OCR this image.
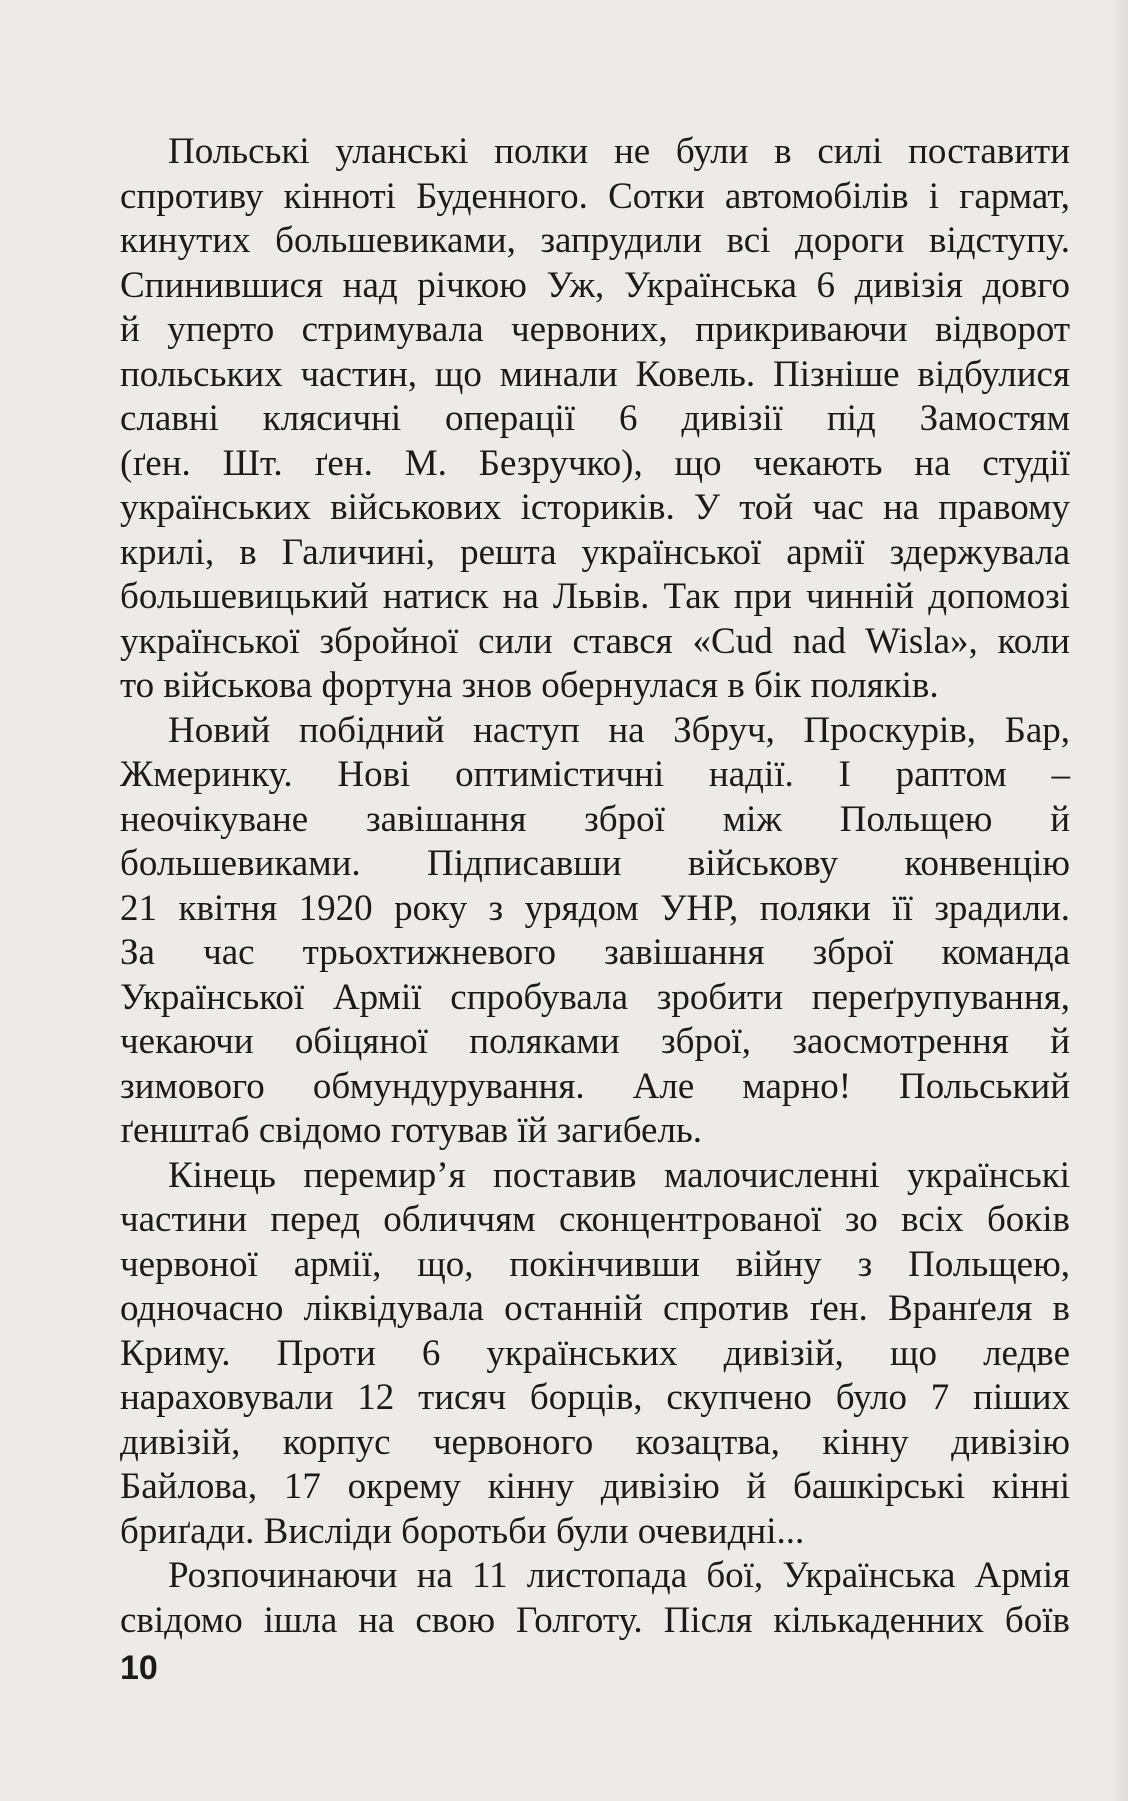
Польські уланські полки не були в силі поставити
спротиву кінноті Буденного. Сотки автомобілів і гармат,
кинутих большевиками, запрудили всі дороги відступу.
Спинившися над річкою Уж, Українська 6 дивізія довго
й уперто стримувала червоних, прикриваючи відворот
польських частин, що минали Ковель. Пізніше відбулися
славні клясичні операції 6 дивізії під Замостям
(ґен. Шт. ґен. М. Безручко), що чекають на студії
українських військових істориків. У той час на правому
крилі, в Галичині, решта української армії здержувала
большевицький натиск на Львів. Так при чинній допомозі
української збройної сили стався «Cud nad Wisla», коли
то військова фортуна знов обернулася в бік поляків.

Новий побідний наступ на Збруч, Проскурів, Бар,
Жмеринку. Нові оптимістичні надії. І раптом –
неочікуване завішання зброї між Польщею й
большевиками. Підписавши військову конвенцію
21 квітня 1920 року з урядом УНР, поляки її зрадили.
За час трьохтижневого завішання зброї команда
Української Армії спробувала зробити переґрупування,
чекаючи обіцяної поляками зброї, заосмотрення й
зимового обмундурування. Але марно! Польський
ґенштаб свідомо готував їй загибель.

Кінець перемир’я поставив малочисленні українські
частини перед обличчям сконцентрованої зо всіх боків
червоної армії, що, покінчивши війну з Польщею,
одночасно ліквідувала останній спротив ґен. Вранґеля в
Криму. Проти 6 українських дивізій, що ледве
нараховували 12 тисяч борців, скупчено було 7 піших
дивізій, корпус червоного козацтва, кінну дивізію
Байлова, 17 окрему кінну дивізію й башкірські кінні
бриґади. Висліди боротьби були очевидні...

Розпочинаючи на 11 листопада бої, Українська Армія
свідомо ішла на свою Голготу. Після кількаденних боїв

10
